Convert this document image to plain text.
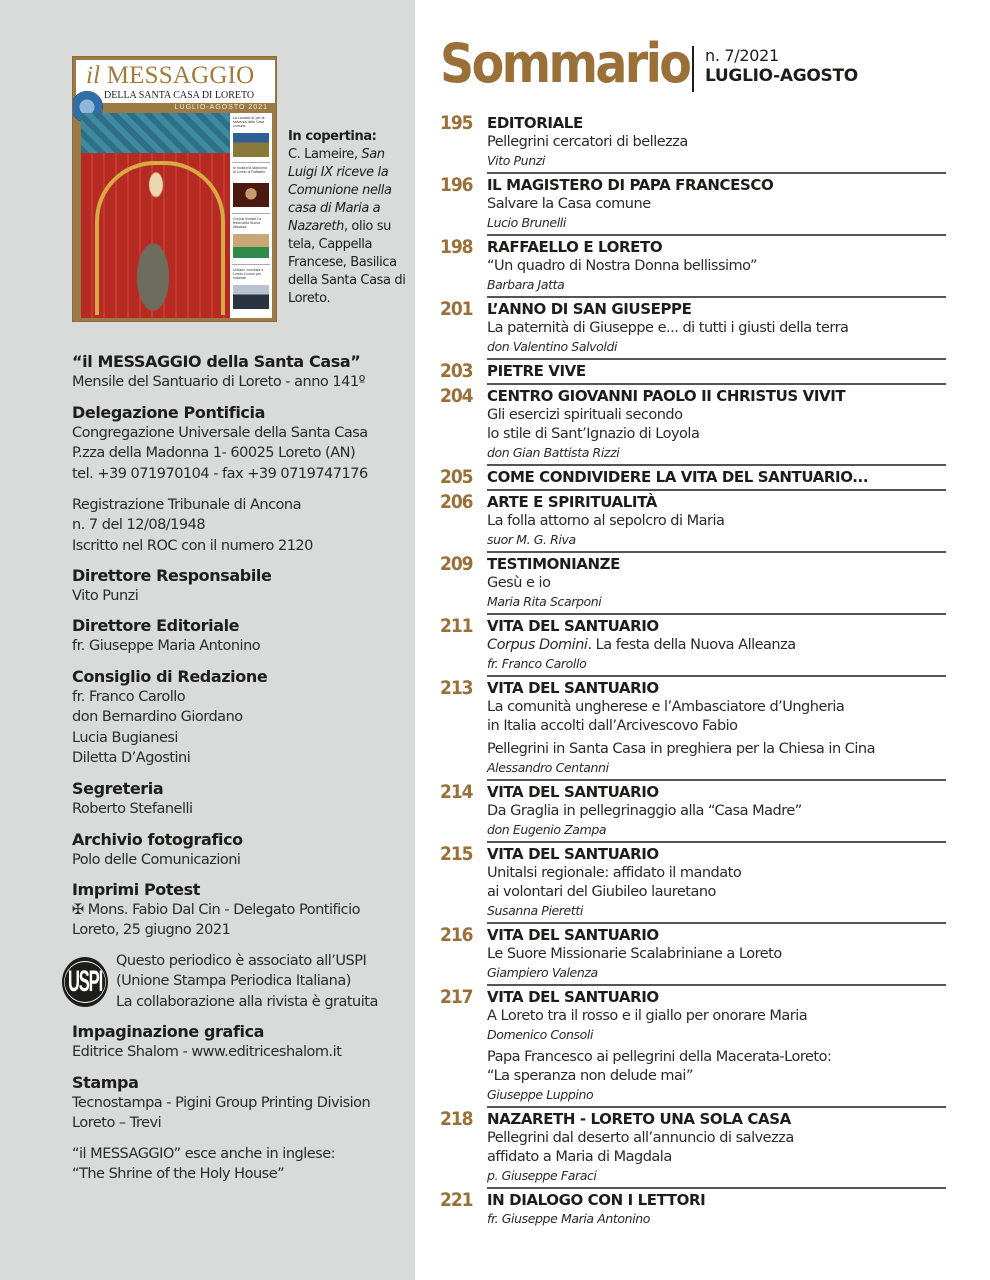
il MESSAGGIO
DELLA SANTA CASA DI LORETO
LUGLIO-AGOSTO 2021
La Laudato si' per la salvezza della Casa comune
In mostra la Madonna di Loreto di Raffaello
Corpus Domini La festa della Nuova Alleanza
Unitalsi, conclusa a Loreto il corso per volontari
In copertina:
C. Lameire, San Luigi IX riceve la Comunione nella casa di Maria a Nazareth, olio su tela, Cappella Francese, Basilica della Santa Casa di Loreto.
“il MESSAGGIO della Santa Casa”
Mensile del Santuario di Loreto - anno 141º
Delegazione Pontificia
Congregazione Universale della Santa Casa
P.zza della Madonna 1- 60025 Loreto (AN)
tel. +39 071970104 - fax +39 0719747176
Registrazione Tribunale di Ancona
n. 7 del 12/08/1948
Iscritto nel ROC con il numero 2120
Direttore Responsabile
Vito Punzi
Direttore Editoriale
fr. Giuseppe Maria Antonino
Consiglio di Redazione
fr. Franco Carollo
don Bernardino Giordano
Lucia Bugianesi
Diletta D’Agostini
Segreteria
Roberto Stefanelli
Archivio fotografico
Polo delle Comunicazioni
Imprimi Potest
✠ Mons. Fabio Dal Cin - Delegato Pontificio
Loreto, 25 giugno 2021
USPI
Questo periodico è associato all’USPI
(Unione Stampa Periodica Italiana)
La collaborazione alla rivista è gratuita
Impaginazione grafica
Editrice Shalom - www.editriceshalom.it
Stampa
Tecnostampa - Pigini Group Printing Division
Loreto – Trevi
“il MESSAGGIO” esce anche in inglese:
“The Shrine of the Holy House”
Sommario n. 7/2021
LUGLIO-AGOSTO
195 EDITORIALE
Pellegrini cercatori di bellezza
Vito Punzi
196 IL MAGISTERO DI PAPA FRANCESCO
Salvare la Casa comune
Lucio Brunelli
198 RAFFAELLO E LORETO
“Un quadro di Nostra Donna bellissimo”
Barbara Jatta
201 L’ANNO DI SAN GIUSEPPE
La paternità di Giuseppe e... di tutti i giusti della terra
don Valentino Salvoldi
203 PIETRE VIVE
204 CENTRO GIOVANNI PAOLO II CHRISTUS VIVIT
Gli esercizi spirituali secondo
lo stile di Sant’Ignazio di Loyola
don Gian Battista Rizzi
205 COME CONDIVIDERE LA VITA DEL SANTUARIO...
206 ARTE E SPIRITUALITÀ
La folla attorno al sepolcro di Maria
suor M. G. Riva
209 TESTIMONIANZE
Gesù e io
Maria Rita Scarponi
211 VITA DEL SANTUARIO
Corpus Domini. La festa della Nuova Alleanza
fr. Franco Carollo
213 VITA DEL SANTUARIO
La comunità ungherese e l’Ambasciatore d’Ungheria
in Italia accolti dall’Arcivescovo Fabio
Pellegrini in Santa Casa in preghiera per la Chiesa in Cina
Alessandro Centanni
214 VITA DEL SANTUARIO
Da Graglia in pellegrinaggio alla “Casa Madre”
don Eugenio Zampa
215 VITA DEL SANTUARIO
Unitalsi regionale: affidato il mandato
ai volontari del Giubileo lauretano
Susanna Pieretti
216 VITA DEL SANTUARIO
Le Suore Missionarie Scalabriniane a Loreto
Giampiero Valenza
217 VITA DEL SANTUARIO
A Loreto tra il rosso e il giallo per onorare Maria
Domenico Consoli
Papa Francesco ai pellegrini della Macerata-Loreto:
“La speranza non delude mai”
Giuseppe Luppino
218 NAZARETH - LORETO UNA SOLA CASA
Pellegrini dal deserto all’annuncio di salvezza
affidato a Maria di Magdala
p. Giuseppe Faraci
221 IN DIALOGO CON I LETTORI
fr. Giuseppe Maria Antonino
